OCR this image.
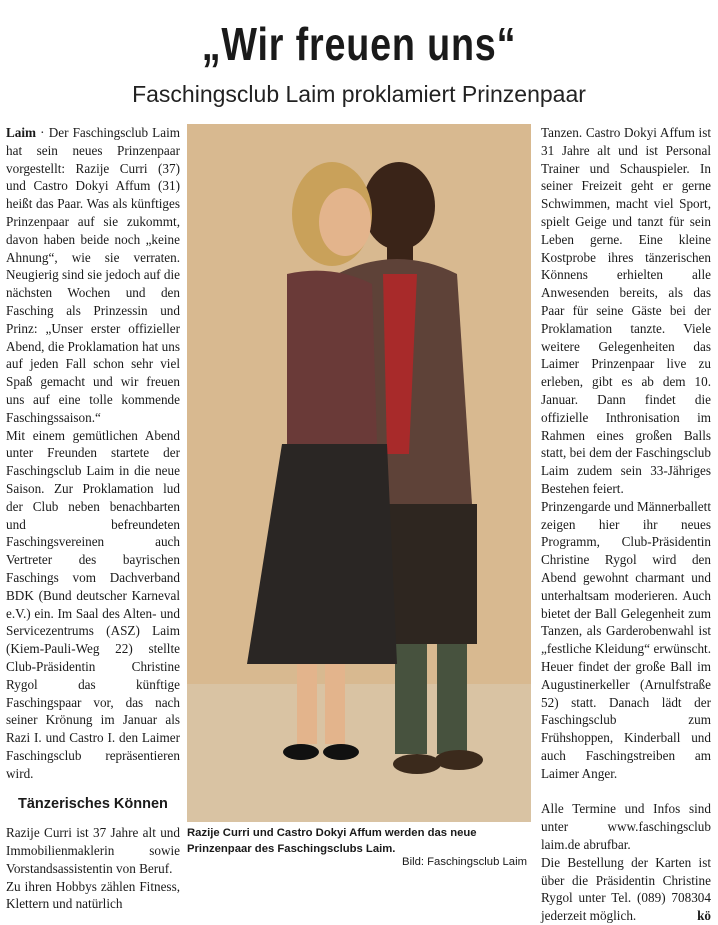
„Wir freuen uns“
Faschingsclub Laim proklamiert Prinzenpaar

Laim · Der Faschingsclub Laim hat sein neues Prinzenpaar vorgestellt: Razije Curri (37) und Castro Dokyi Affum (31) heißt das Paar. Was als künftiges Prinzenpaar auf sie zukommt, davon haben beide noch „keine Ahnung“, wie sie verraten. Neugierig sind sie jedoch auf die nächsten Wochen und den Fasching als Prinzessin und Prinz: „Unser erster offizieller Abend, die Proklamation hat uns auf jeden Fall schon sehr viel Spaß gemacht und wir freuen uns auf eine tolle kommende Faschingssaison.“

Mit einem gemütlichen Abend unter Freunden startete der Faschingsclub Laim in die neue Saison. Zur Proklamation lud der Club neben benachbarten und befreundeten Faschingsvereinen auch Vertreter des bayrischen Faschings vom Dachverband BDK (Bund deutscher Karneval e.V.) ein. Im Saal des Alten- und Servicezentrums (ASZ) Laim (Kiem-Pauli-Weg 22) stellte Club-Präsidentin Christine Rygol das künftige Faschingspaar vor, das nach seiner Krönung im Januar als Razi I. und Castro I. den Laimer Faschingsclub repräsentieren wird.

Tänzerisches Können

Razije Curri ist 37 Jahre alt und Immobilienmaklerin sowie Vorstandsassistentin von Beruf.

Zu ihren Hobbys zählen Fitness, Klettern und natürlich

Razije Curri und Castro Dokyi Affum werden das neue Prinzenpaar des Faschingsclubs Laim.
Bild: Faschingsclub Laim

Tanzen. Castro Dokyi Affum ist 31 Jahre alt und ist Personal Trainer und Schauspieler. In seiner Freizeit geht er gerne Schwimmen, macht viel Sport, spielt Geige und tanzt für sein Leben gerne. Eine kleine Kostprobe ihres tänzerischen Könnens erhielten alle Anwesenden bereits, als das Paar für seine Gäste bei der Proklamation tanzte. Viele weitere Gelegenheiten das Laimer Prinzenpaar live zu erleben, gibt es ab dem 10. Januar. Dann findet die offizielle Inthronisation im Rahmen eines großen Balls statt, bei dem der Faschingsclub Laim zudem sein 33-Jähriges Bestehen feiert.

Prinzengarde und Männerballett zeigen hier ihr neues Programm, Club-Präsidentin Christine Rygol wird den Abend gewohnt charmant und unterhaltsam moderieren. Auch bietet der Ball Gelegenheit zum Tanzen, als Garderobenwahl ist „festliche Kleidung“ erwünscht. Heuer findet der große Ball im Augustinerkeller (Arnulfstraße 52) statt. Danach lädt der Faschingsclub zum Frühshoppen, Kinderball und auch Faschingstreiben am Laimer Anger.

Alle Termine und Infos sind unter www.faschingsclub laim.de abrufbar.

Die Bestellung der Karten ist über die Präsidentin Christine Rygol unter Tel. (089) 708304 jederzeit möglich.	kö
